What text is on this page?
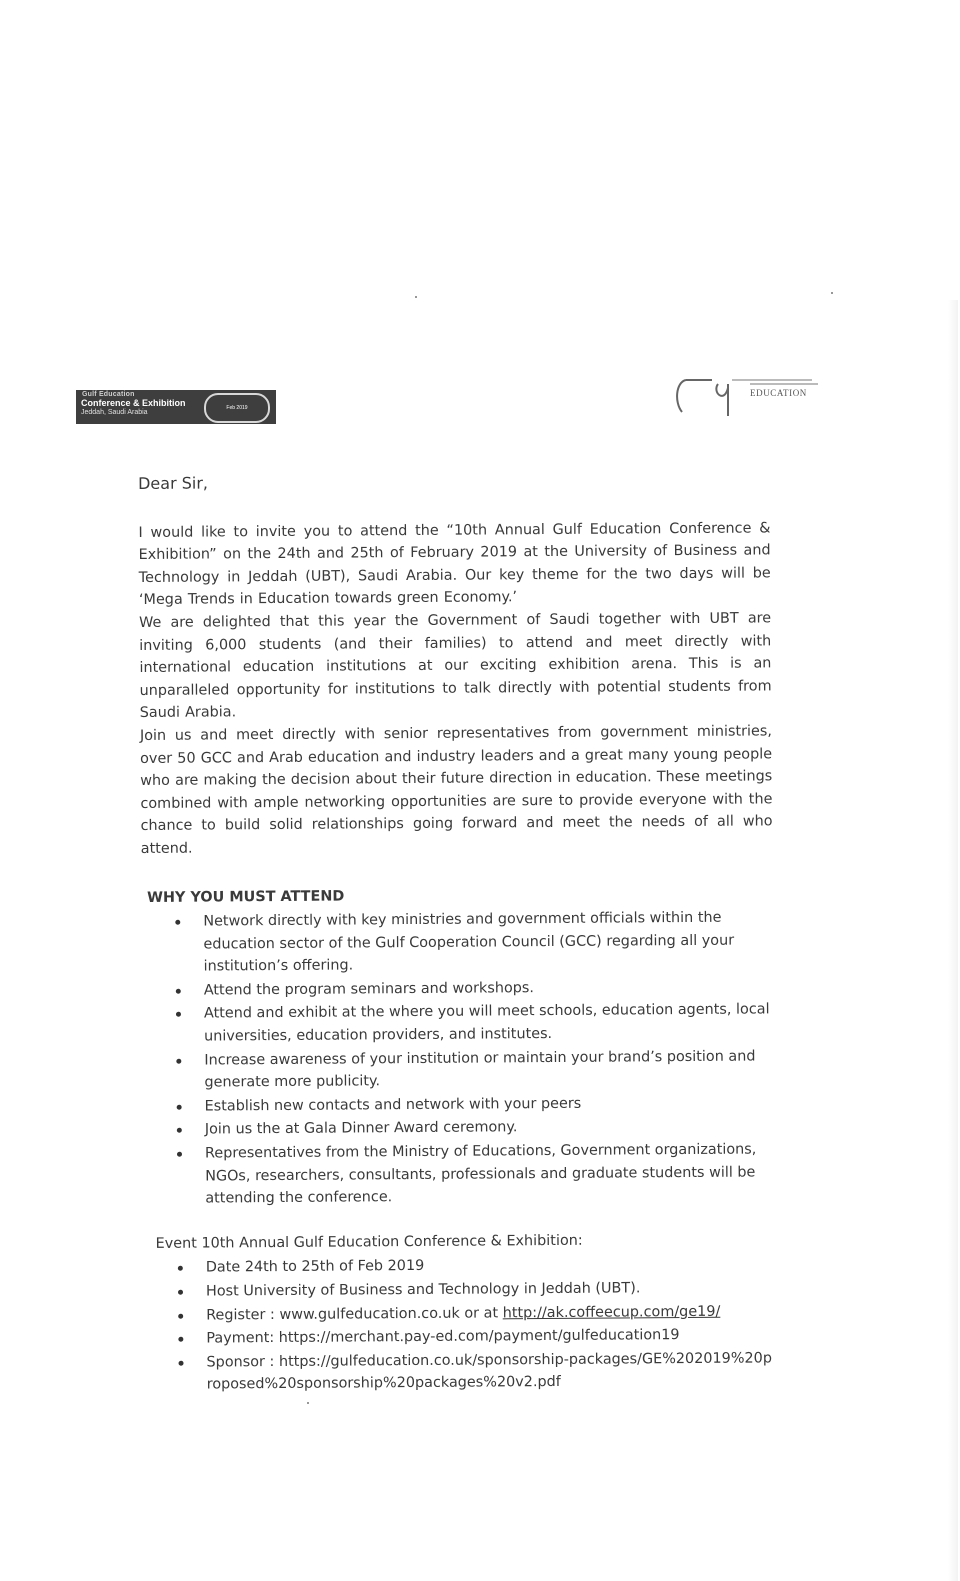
Gulf Education
Conference & Exhibition
Jeddah, Saudi Arabia
Feb 2019
EDUCATION

Dear Sir,

I would like to invite you to attend the “10th Annual Gulf Education Conference & Exhibition” on the 24th and 25th of February 2019 at the University of Business and Technology in Jeddah (UBT), Saudi Arabia. Our key theme for the two days will be ‘Mega Trends in Education towards green Economy.’

We are delighted that this year the Government of Saudi together with UBT are inviting 6,000 students (and their families) to attend and meet directly with international education institutions at our exciting exhibition arena. This is an unparalleled opportunity for institutions to talk directly with potential students from Saudi Arabia.

Join us and meet directly with senior representatives from government ministries, over 50 GCC and Arab education and industry leaders and a great many young people who are making the decision about their future direction in education. These meetings combined with ample networking opportunities are sure to provide everyone with the chance to build solid relationships going forward and meet the needs of all who attend.

WHY YOU MUST ATTEND
Network directly with key ministries and government officials within the education sector of the Gulf Cooperation Council (GCC) regarding all your institution’s offering.
Attend the program seminars and workshops.
Attend and exhibit at the where you will meet schools, education agents, local universities, education providers, and institutes.
Increase awareness of your institution or maintain your brand’s position and generate more publicity.
Establish new contacts and network with your peers
Join us the at Gala Dinner Award ceremony.
Representatives from the Ministry of Educations, Government organizations, NGOs, researchers, consultants, professionals and graduate students will be attending the conference.
Event 10th Annual Gulf Education Conference & Exhibition:
Date 24th to 25th of Feb 2019
Host University of Business and Technology in Jeddah (UBT).
Register : www.gulfeducation.co.uk or at http://ak.coffeecup.com/ge19/
Payment: https://merchant.pay-ed.com/payment/gulfeducation19
Sponsor : https://gulfeducation.co.uk/sponsorship-packages/GE%202019%20proposed%20sponsorship%20packages%20v2.pdf
